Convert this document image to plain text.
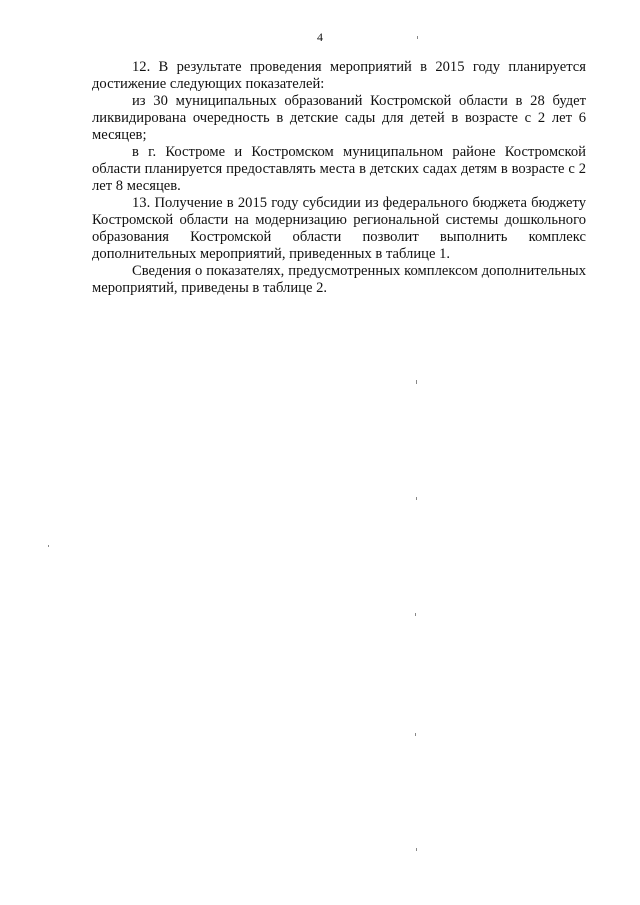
4

12. В результате проведения мероприятий в 2015 году планируется достижение следующих показателей:

из 30 муниципальных образований Костромской области в 28 будет ликвидирована очередность в детские сады для детей в возрасте с 2 лет 6 месяцев;

в г. Костроме и Костромском муниципальном районе Костромской области планируется предоставлять места в детских садах детям в возрасте с 2 лет 8 месяцев.

13. Получение в 2015 году субсидии из федерального бюджета бюджету Костромской области на модернизацию региональной системы дошкольного образования Костромской области позволит выполнить комплекс дополнительных мероприятий, приведенных в таблице 1.

Сведения о показателях, предусмотренных комплексом дополнительных мероприятий, приведены в таблице 2.
